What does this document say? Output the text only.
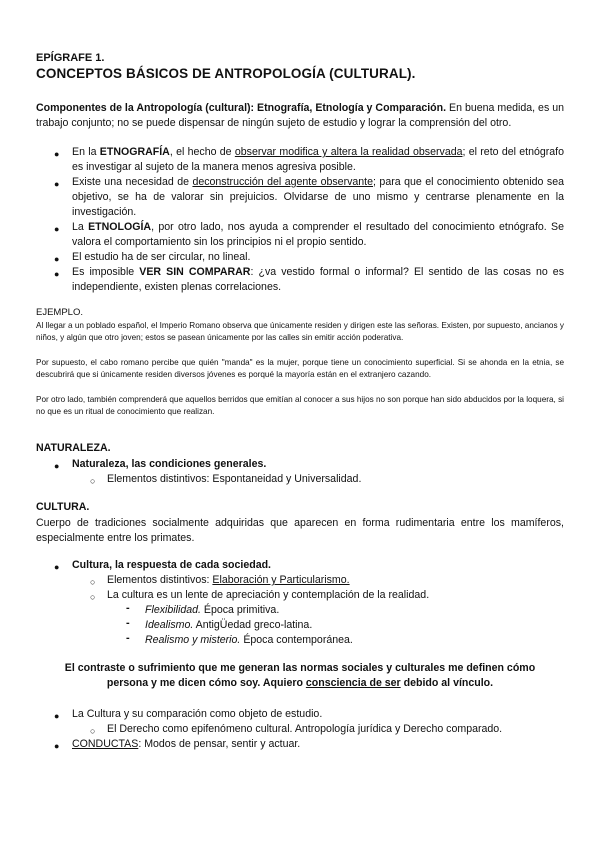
EPÍGRAFE 1.
CONCEPTOS BÁSICOS DE ANTROPOLOGÍA (CULTURAL).
Componentes de la Antropología (cultural): Etnografía, Etnología y Comparación. En buena medida, es un trabajo conjunto; no se puede dispensar de ningún sujeto de estudio y lograr la comprensión del otro.
● En la ETNOGRAFÍA, el hecho de observar modifica y altera la realidad observada; el reto del etnógrafo es investigar al sujeto de la manera menos agresiva posible.
● Existe una necesidad de deconstrucción del agente observante; para que el conocimiento obtenido sea objetivo, se ha de valorar sin prejuicios. Olvidarse de uno mismo y centrarse plenamente en la investigación.
● La ETNOLOGÍA, por otro lado, nos ayuda a comprender el resultado del conocimiento etnógrafo. Se valora el comportamiento sin los principios ni el propio sentido.
● El estudio ha de ser circular, no lineal.
● Es imposible VER SIN COMPARAR: ¿va vestido formal o informal? El sentido de las cosas no es independiente, existen plenas correlaciones.
EJEMPLO.
Al llegar a un poblado español, el Imperio Romano observa que únicamente residen y dirigen este las señoras. Existen, por supuesto, ancianos y niños, y algún que otro joven; estos se pasean únicamente por las calles sin emitir acción poderativa.
Por supuesto, el cabo romano percibe que quién "manda" es la mujer, porque tiene un conocimiento superficial. Si se ahonda en la etnia, se descubrirá que si únicamente residen diversos jóvenes es porqué la mayoría están en el extranjero cazando.
Por otro lado, también comprenderá que aquellos berridos que emitían al conocer a sus hijos no son porque han sido abducidos por la loquera, si no que es un ritual de conocimiento que realizan.
NATURALEZA.
● Naturaleza, las condiciones generales.
○ Elementos distintivos: Espontaneidad y Universalidad.
CULTURA.
Cuerpo de tradiciones socialmente adquiridas que aparecen en forma rudimentaria entre los mamíferos, especialmente entre los primates.
● Cultura, la respuesta de cada sociedad.
○ Elementos distintivos: Elaboración y Particularismo.
○ La cultura es un lente de apreciación y contemplación de la realidad.
- Flexibilidad. Época primitiva.
- Idealismo. AntigÜedad greco-latina.
- Realismo y misterio. Época contemporánea.
El contraste o sufrimiento que me generan las normas sociales y culturales me definen cómo
persona y me dicen cómo soy. Aquiero consciencia de ser debido al vínculo.
● La Cultura y su comparación como objeto de estudio.
○ El Derecho como epifenómeno cultural. Antropología jurídica y Derecho comparado.
● CONDUCTAS: Modos de pensar, sentir y actuar.
